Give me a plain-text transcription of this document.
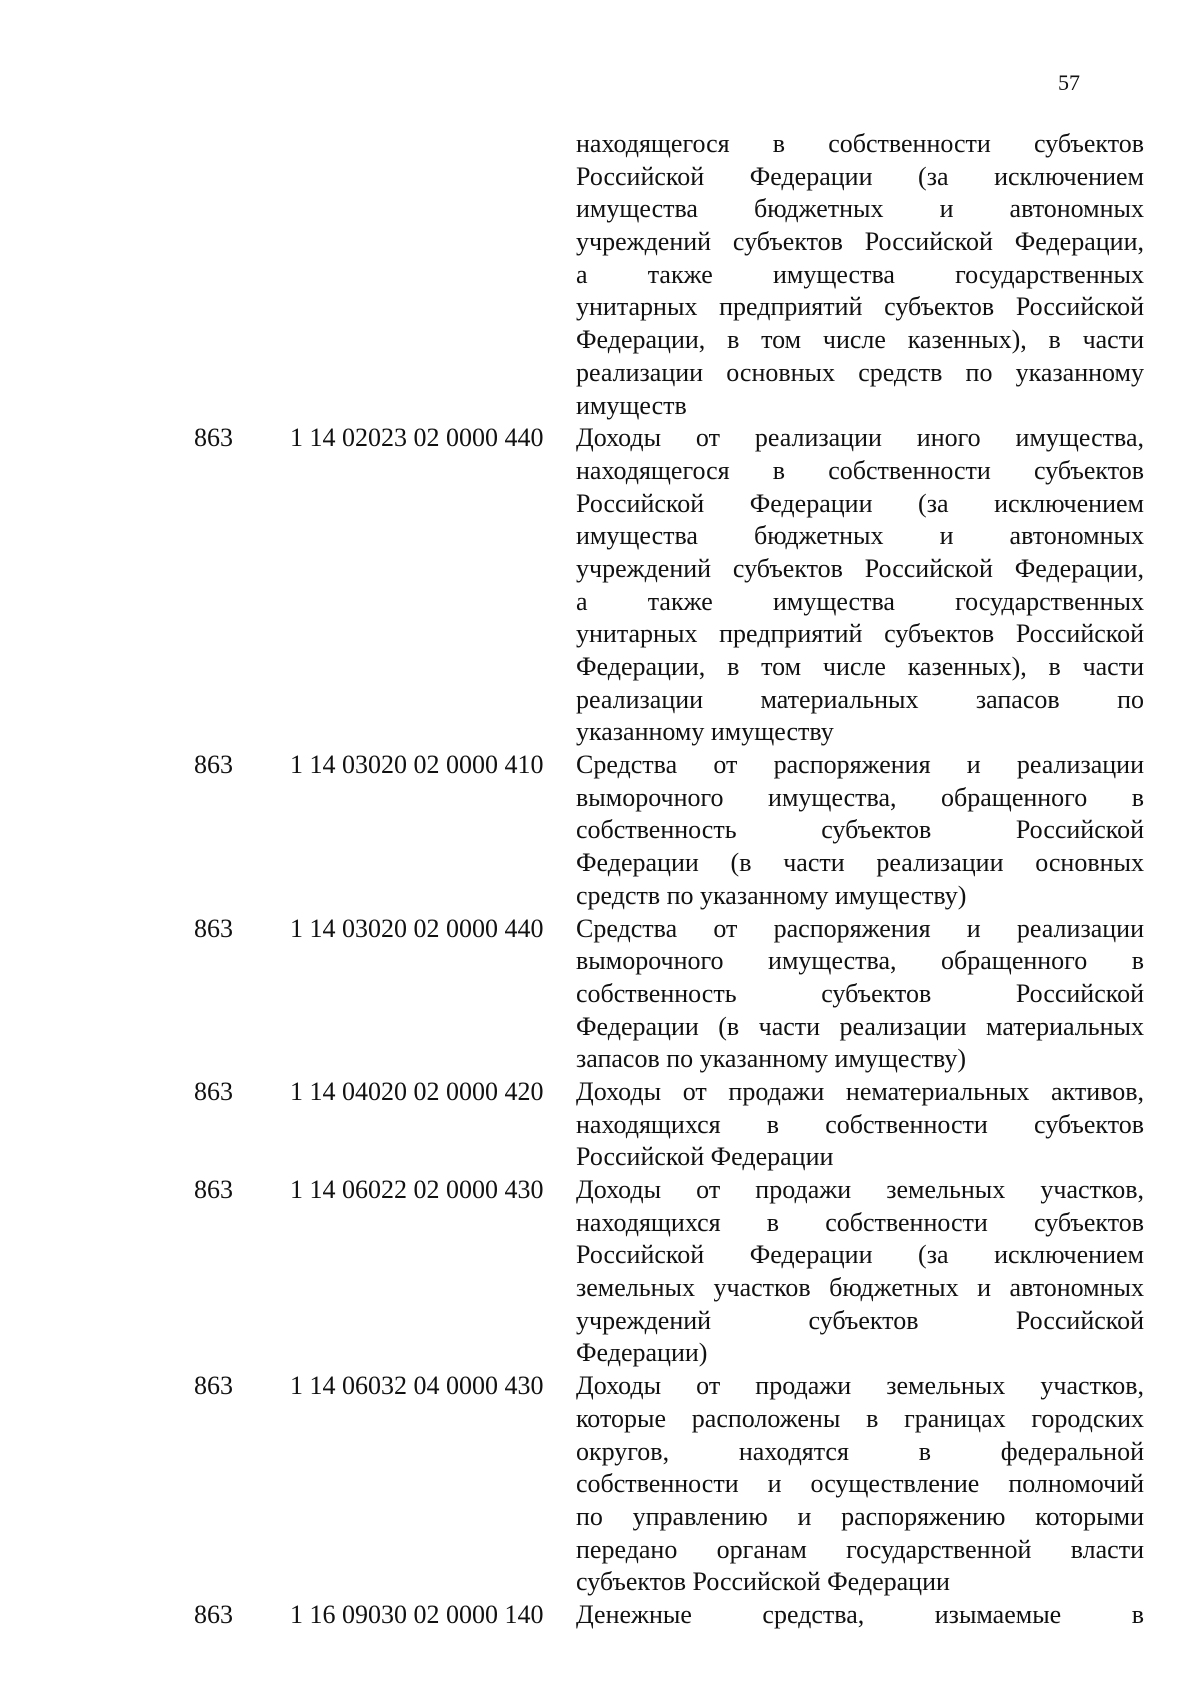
57
находящегося в собственности субъектов
Российской Федерации (за исключением
имущества бюджетных и автономных
учреждений субъектов Российской Федерации,
а также имущества государственных
унитарных предприятий субъектов Российской
Федерации, в том числе казенных), в части
реализации основных средств по указанному
имуществ
863	1 14 02023 02 0000 440	Доходы от реализации иного имущества,
находящегося в собственности субъектов
Российской Федерации (за исключением
имущества бюджетных и автономных
учреждений субъектов Российской Федерации,
а также имущества государственных
унитарных предприятий субъектов Российской
Федерации, в том числе казенных), в части
реализации материальных запасов по
указанному имуществу
863	1 14 03020 02 0000 410	Средства от распоряжения и реализации
выморочного имущества, обращенного в
собственность субъектов Российской
Федерации (в части реализации основных
средств по указанному имуществу)
863	1 14 03020 02 0000 440	Средства от распоряжения и реализации
выморочного имущества, обращенного в
собственность субъектов Российской
Федерации (в части реализации материальных
запасов по указанному имуществу)
863	1 14 04020 02 0000 420	Доходы от продажи нематериальных активов,
находящихся в собственности субъектов
Российской Федерации
863	1 14 06022 02 0000 430	Доходы от продажи земельных участков,
находящихся в собственности субъектов
Российской Федерации (за исключением
земельных участков бюджетных и автономных
учреждений субъектов Российской
Федерации)
863	1 14 06032 04 0000 430	Доходы от продажи земельных участков,
которые расположены в границах городских
округов, находятся в федеральной
собственности и осуществление полномочий
по управлению и распоряжению которыми
передано органам государственной власти
субъектов Российской Федерации
863	1 16 09030 02 0000 140	Денежные средства, изымаемые в
